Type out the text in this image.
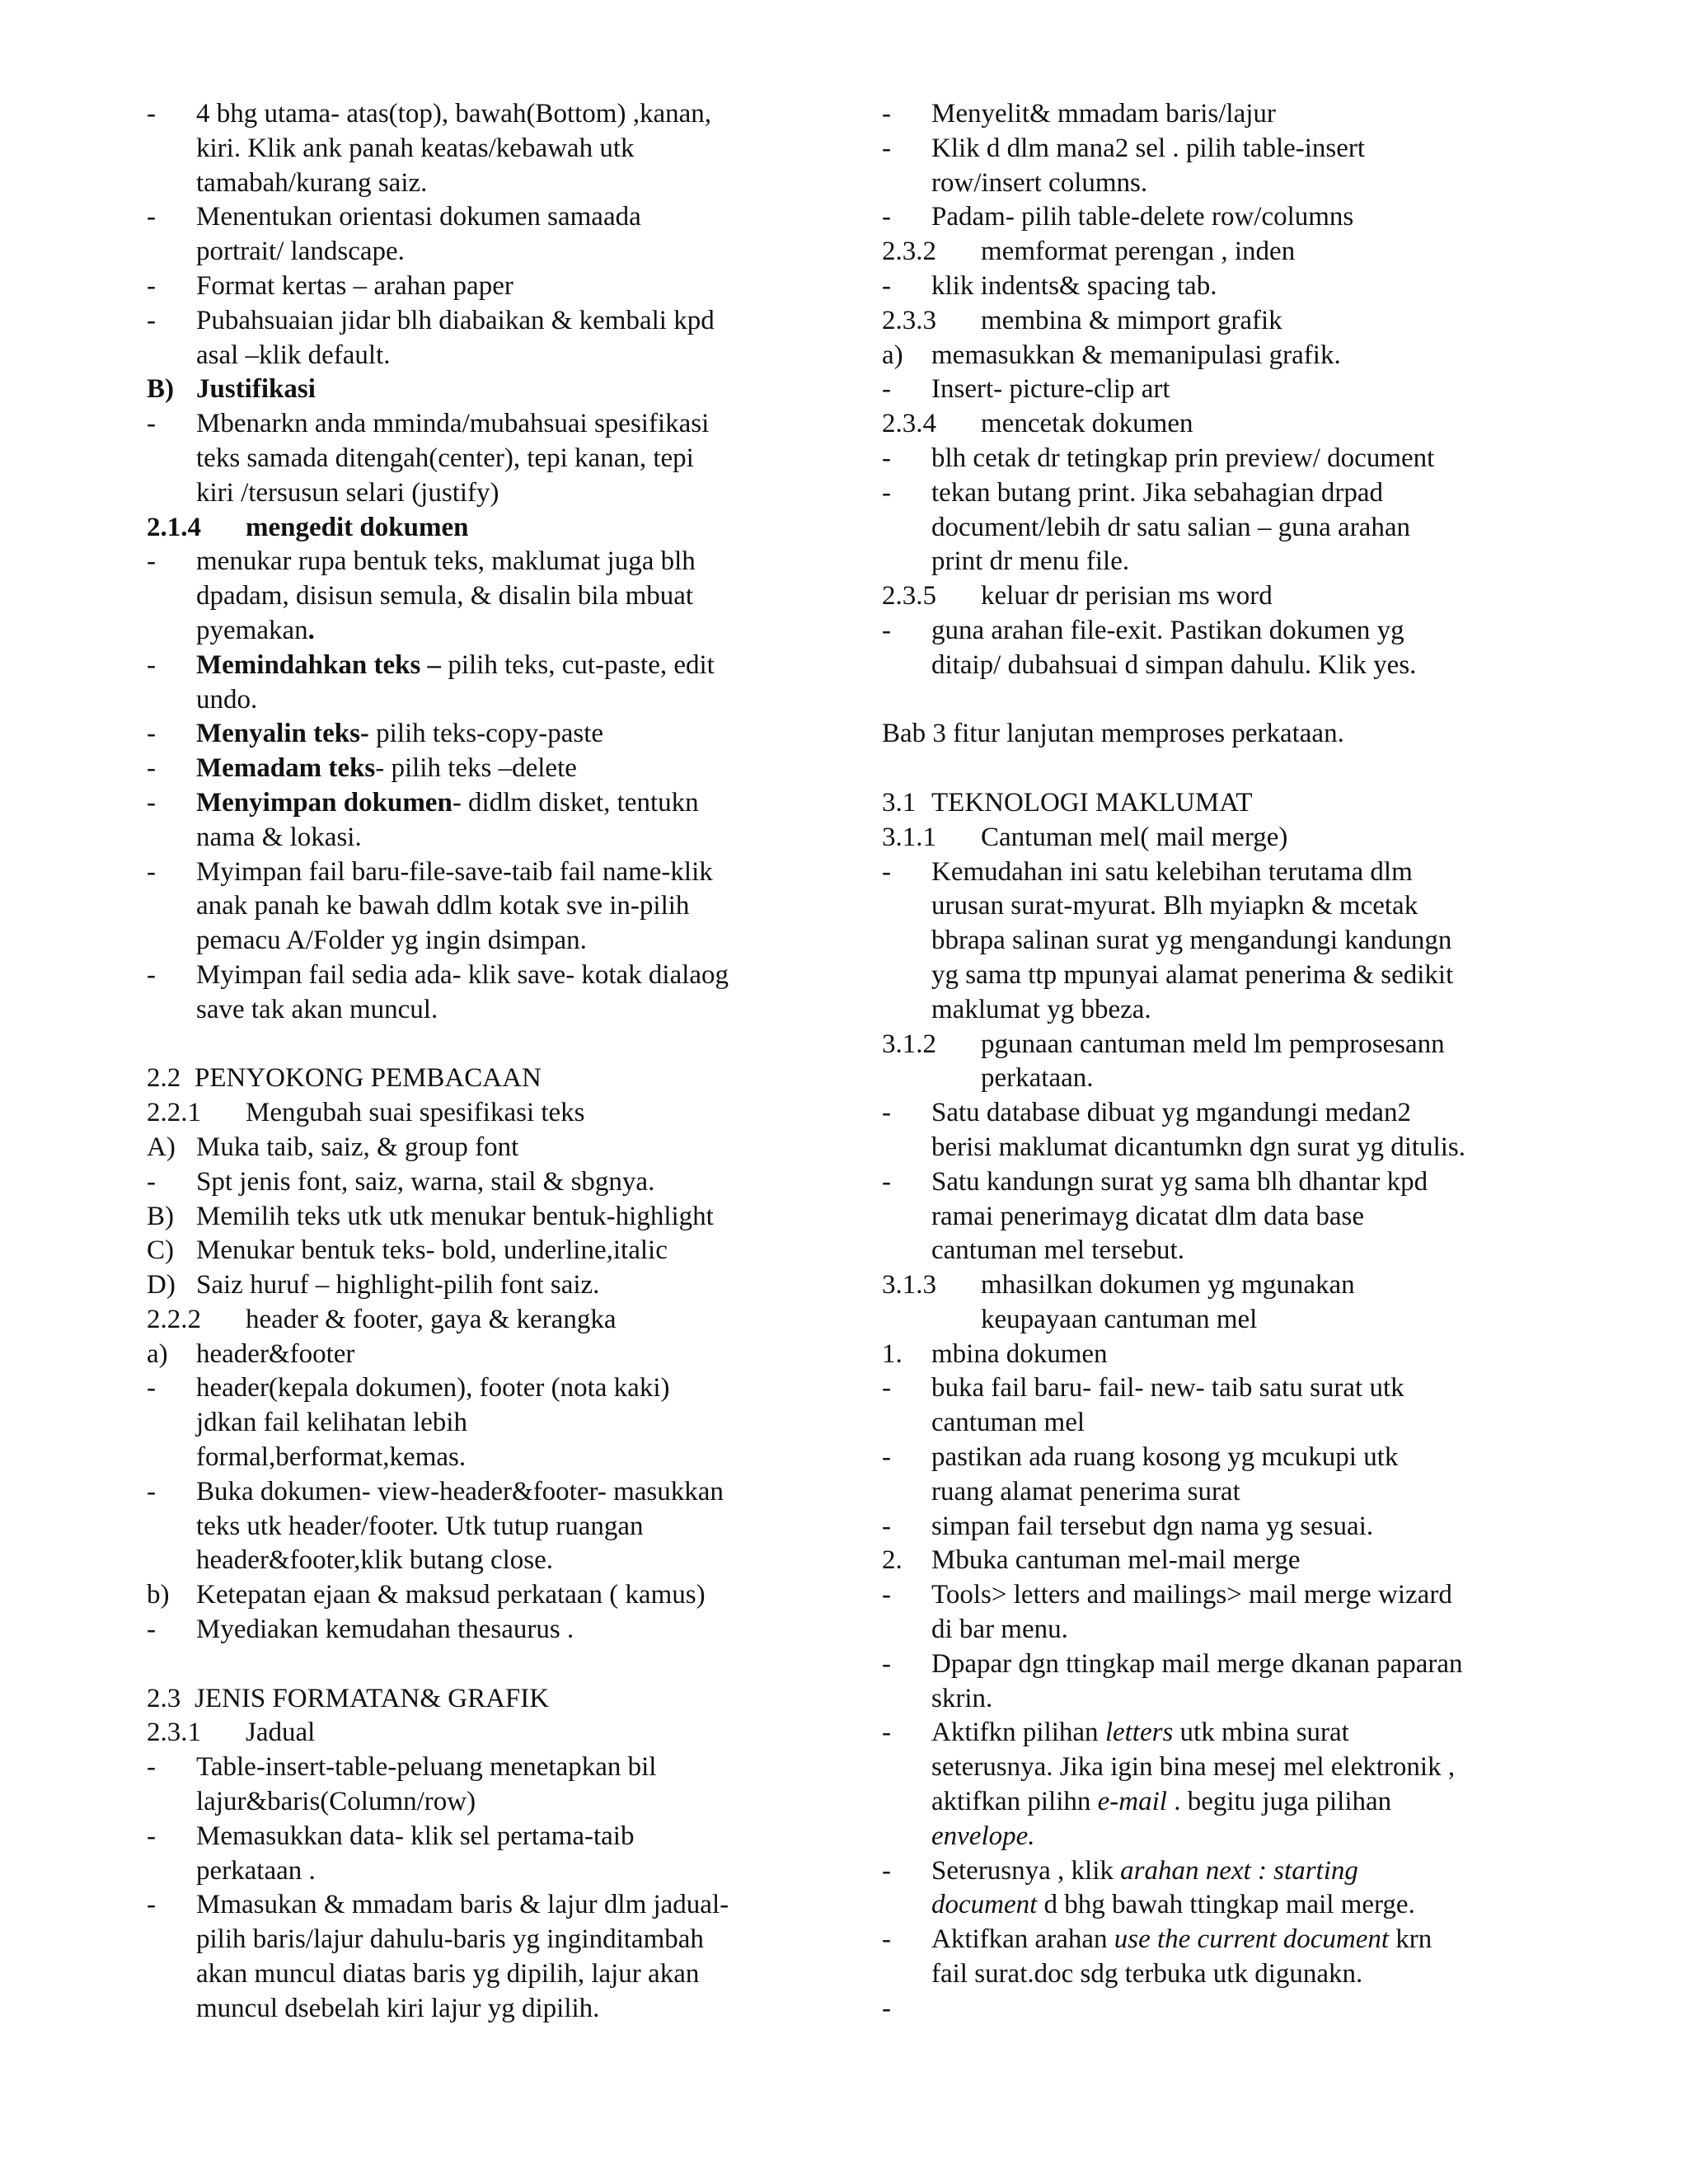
- 4 bhg utama- atas(top), bawah(Bottom) ,kanan,
kiri. Klik ank panah keatas/kebawah utk
tamabah/kurang saiz.
- Menentukan orientasi dokumen samaada
portrait/ landscape.
- Format kertas – arahan paper
- Pubahsuaian jidar blh diabaikan & kembali kpd
asal –klik default.
B) Justifikasi
- Mbenarkn anda mminda/mubahsuai spesifikasi
teks samada ditengah(center), tepi kanan, tepi
kiri /tersusun selari (justify)
2.1.4 mengedit dokumen
- menukar rupa bentuk teks, maklumat juga blh
dpadam, disisun semula, & disalin bila mbuat
pyemakan.
- Memindahkan teks – pilih teks, cut-paste, edit
undo.
- Menyalin teks- pilih teks-copy-paste
- Memadam teks- pilih teks –delete
- Menyimpan dokumen- didlm disket, tentukn
nama & lokasi.
- Myimpan fail baru-file-save-taib fail name-klik
anak panah ke bawah ddlm kotak sve in-pilih
pemacu A/Folder yg ingin dsimpan.
- Myimpan fail sedia ada- klik save- kotak dialaog
save tak akan muncul.
2.2 PENYOKONG PEMBACAAN
2.2.1 Mengubah suai spesifikasi teks
A) Muka taib, saiz, & group font
- Spt jenis font, saiz, warna, stail & sbgnya.
B) Memilih teks utk utk menukar bentuk-highlight
C) Menukar bentuk teks- bold, underline,italic
D) Saiz huruf – highlight-pilih font saiz.
2.2.2 header & footer, gaya & kerangka
a) header&footer
- header(kepala dokumen), footer (nota kaki)
jdkan fail kelihatan lebih
formal,berformat,kemas.
- Buka dokumen- view-header&footer- masukkan
teks utk header/footer. Utk tutup ruangan
header&footer,klik butang close.
b) Ketepatan ejaan & maksud perkataan ( kamus)
- Myediakan kemudahan thesaurus .
2.3 JENIS FORMATAN& GRAFIK
2.3.1 Jadual
- Table-insert-table-peluang menetapkan bil
lajur&baris(Column/row)
- Memasukkan data- klik sel pertama-taib
perkataan .
- Mmasukan & mmadam baris & lajur dlm jadual-
pilih baris/lajur dahulu-baris yg inginditambah
akan muncul diatas baris yg dipilih, lajur akan
muncul dsebelah kiri lajur yg dipilih.
- Menyelit& mmadam baris/lajur
- Klik d dlm mana2 sel . pilih table-insert
row/insert columns.
- Padam- pilih table-delete row/columns
2.3.2 memformat perengan , inden
- klik indents& spacing tab.
2.3.3 membina & mimport grafik
a) memasukkan & memanipulasi grafik.
- Insert- picture-clip art
2.3.4 mencetak dokumen
- blh cetak dr tetingkap prin preview/ document
- tekan butang print. Jika sebahagian drpad
document/lebih dr satu salian – guna arahan
print dr menu file.
2.3.5 keluar dr perisian ms word
- guna arahan file-exit. Pastikan dokumen yg
ditaip/ dubahsuai d simpan dahulu. Klik yes.
Bab 3 fitur lanjutan memproses perkataan.
3.1 TEKNOLOGI MAKLUMAT
3.1.1 Cantuman mel( mail merge)
- Kemudahan ini satu kelebihan terutama dlm
urusan surat-myurat. Blh myiapkn & mcetak
bbrapa salinan surat yg mengandungi kandungn
yg sama ttp mpunyai alamat penerima & sedikit
maklumat yg bbeza.
3.1.2 pgunaan cantuman meld lm pemprosesann
perkataan.
- Satu database dibuat yg mgandungi medan2
berisi maklumat dicantumkn dgn surat yg ditulis.
- Satu kandungn surat yg sama blh dhantar kpd
ramai penerimayg dicatat dlm data base
cantuman mel tersebut.
3.1.3 mhasilkan dokumen yg mgunakan
keupayaan cantuman mel
1. mbina dokumen
- buka fail baru- fail- new- taib satu surat utk
cantuman mel
- pastikan ada ruang kosong yg mcukupi utk
ruang alamat penerima surat
- simpan fail tersebut dgn nama yg sesuai.
2. Mbuka cantuman mel-mail merge
- Tools> letters and mailings> mail merge wizard
di bar menu.
- Dpapar dgn ttingkap mail merge dkanan paparan
skrin.
- Aktifkn pilihan letters utk mbina surat
seterusnya. Jika igin bina mesej mel elektronik ,
aktifkan pilihn e-mail . begitu juga pilihan
envelope.
- Seterusnya , klik arahan next : starting
document d bhg bawah ttingkap mail merge.
- Aktifkan arahan use the current document krn
fail surat.doc sdg terbuka utk digunakn.
-
